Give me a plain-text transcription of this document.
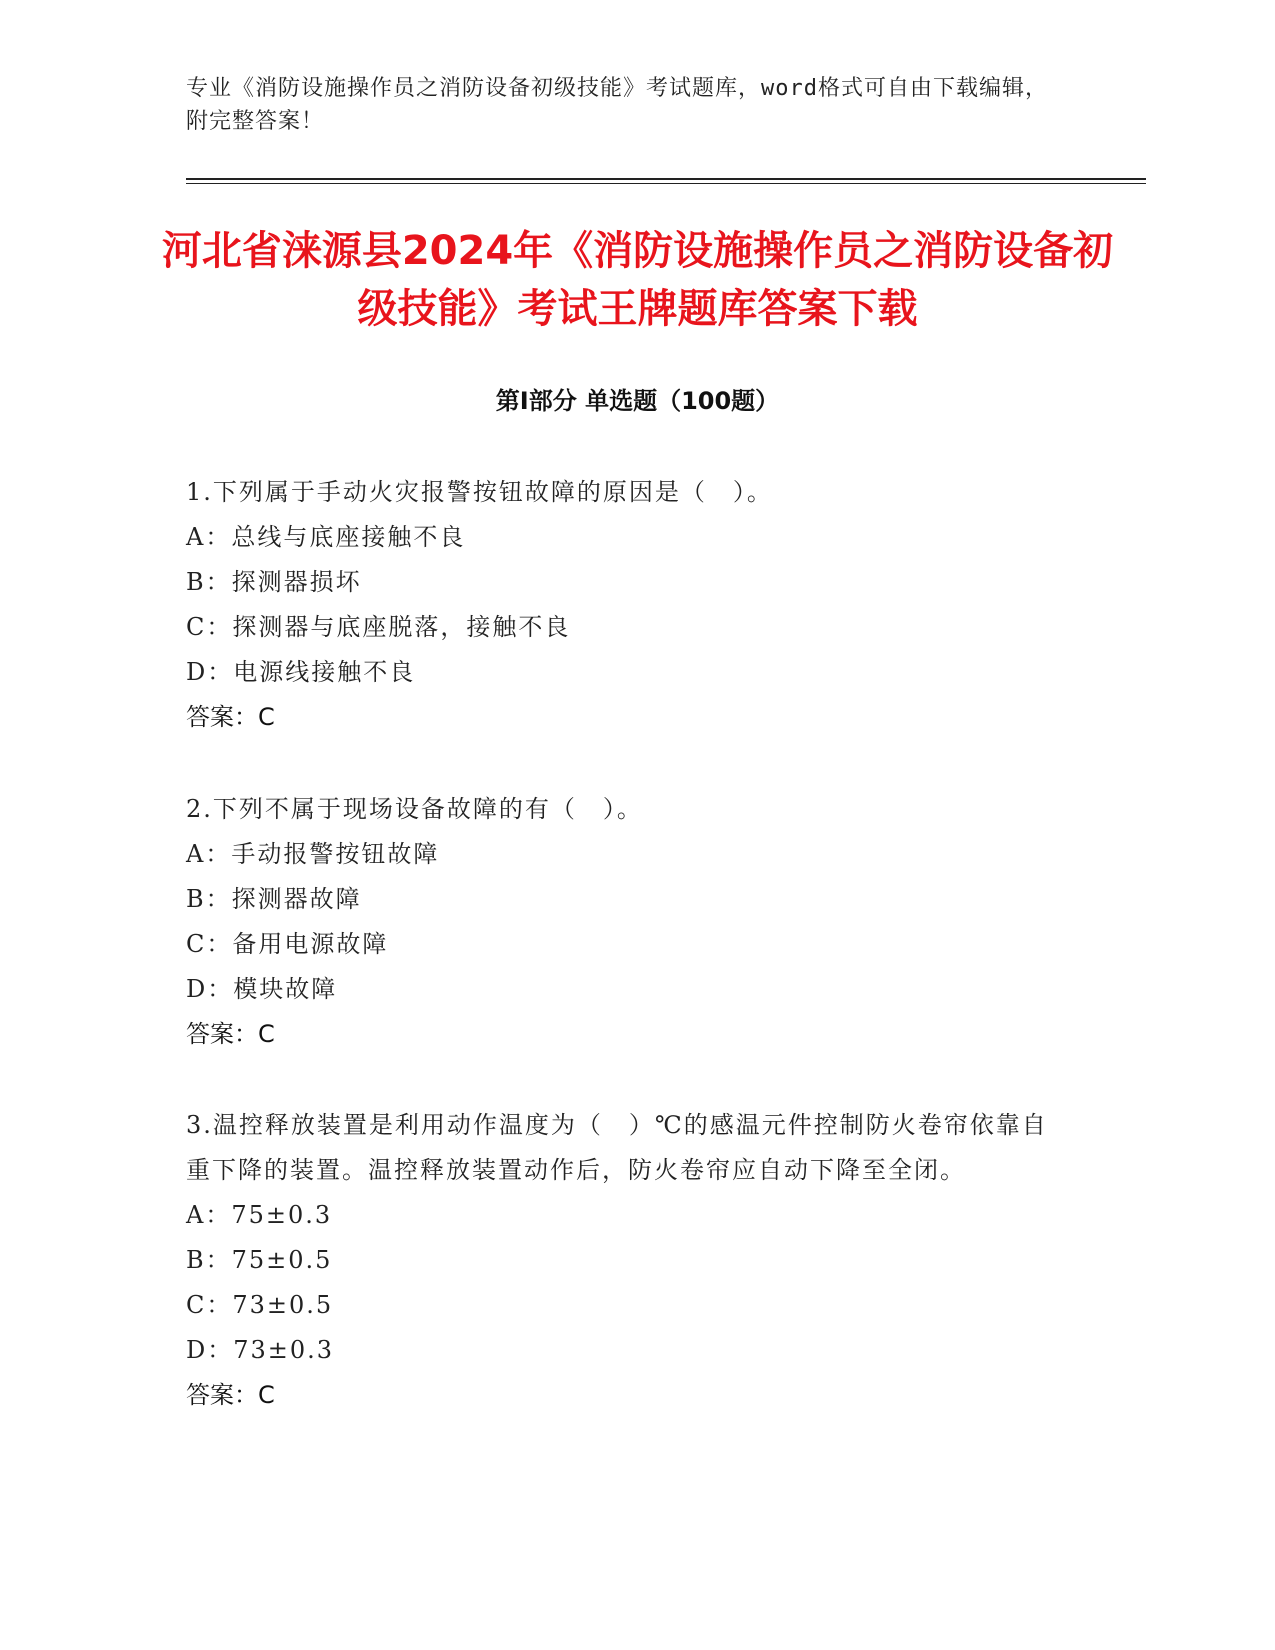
专业《消防设施操作员之消防设备初级技能》考试题库，word格式可自由下载编辑，附完整答案！
河北省涞源县2024年《消防设施操作员之消防设备初级技能》考试王牌题库答案下载
第Ⅰ部分 单选题（100题）
1.下列属于手动火灾报警按钮故障的原因是（　）。
A：总线与底座接触不良
B：探测器损坏
C：探测器与底座脱落，接触不良
D：电源线接触不良
答案：C
2.下列不属于现场设备故障的有（　）。
A：手动报警按钮故障
B：探测器故障
C：备用电源故障
D：模块故障
答案：C
3.温控释放装置是利用动作温度为（　）℃的感温元件控制防火卷帘依靠自重下降的装置。温控释放装置动作后，防火卷帘应自动下降至全闭。
A：75±0.3
B：75±0.5
C：73±0.5
D：73±0.3
答案：C
